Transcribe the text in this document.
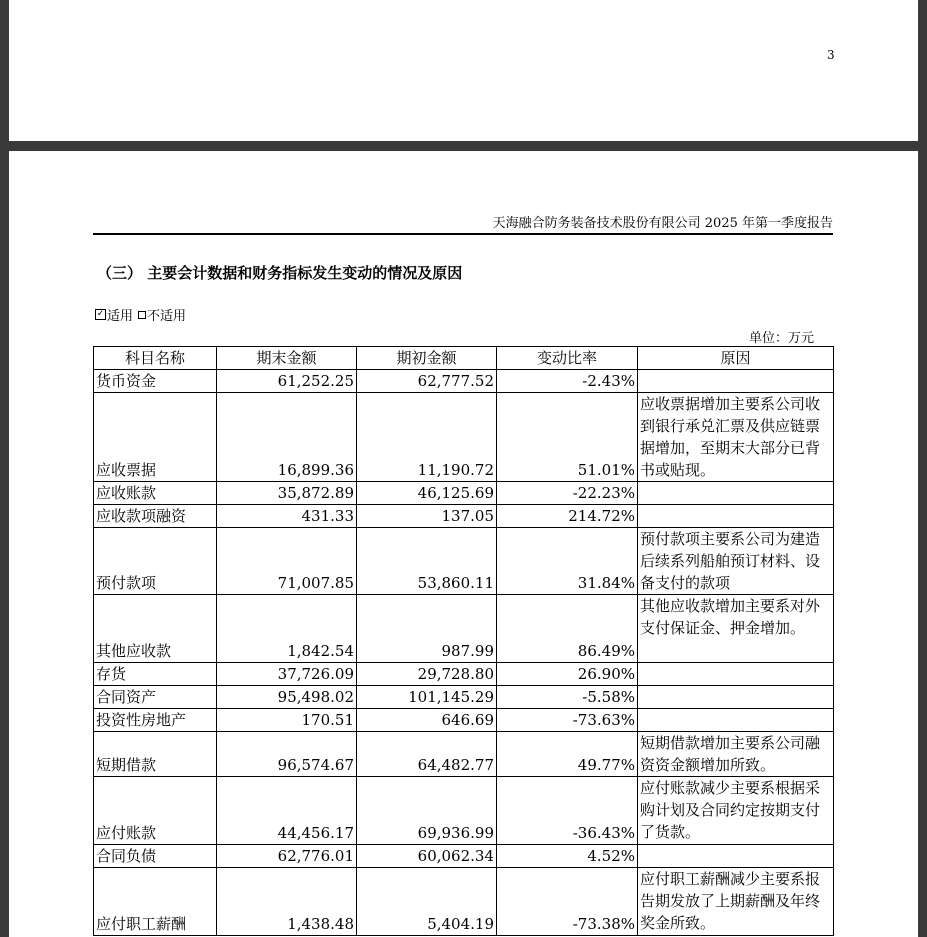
3
天海融合防务装备技术股份有限公司 2025 年第一季度报告
（三） 主要会计数据和财务指标发生变动的情况及原因
✓ 适用 不适用
单位：万元
科目名称	期末金额	期初金额	变动比率	原因
货币资金	61,252.25	62,777.52	-2.43%	
应收票据	16,899.36	11,190.72	51.01%	应收票据增加主要系公司收到银行承兑汇票及供应链票据增加，至期末大部分已背书或贴现。
应收账款	35,872.89	46,125.69	-22.23%	
应收款项融资	431.33	137.05	214.72%	
预付款项	71,007.85	53,860.11	31.84%	预付款项主要系公司为建造后续系列船舶预订材料、设备支付的款项
其他应收款	1,842.54	987.99	86.49%	其他应收款增加主要系对外支付保证金、押金增加。
存货	37,726.09	29,728.80	26.90%	
合同资产	95,498.02	101,145.29	-5.58%	
投资性房地产	170.51	646.69	-73.63%	
短期借款	96,574.67	64,482.77	49.77%	短期借款增加主要系公司融资资金额增加所致。
应付账款	44,456.17	69,936.99	-36.43%	应付账款减少主要系根据采购计划及合同约定按期支付了货款。
合同负债	62,776.01	60,062.34	4.52%	
应付职工薪酬	1,438.48	5,404.19	-73.38%	应付职工薪酬减少主要系报告期发放了上期薪酬及年终奖金所致。
